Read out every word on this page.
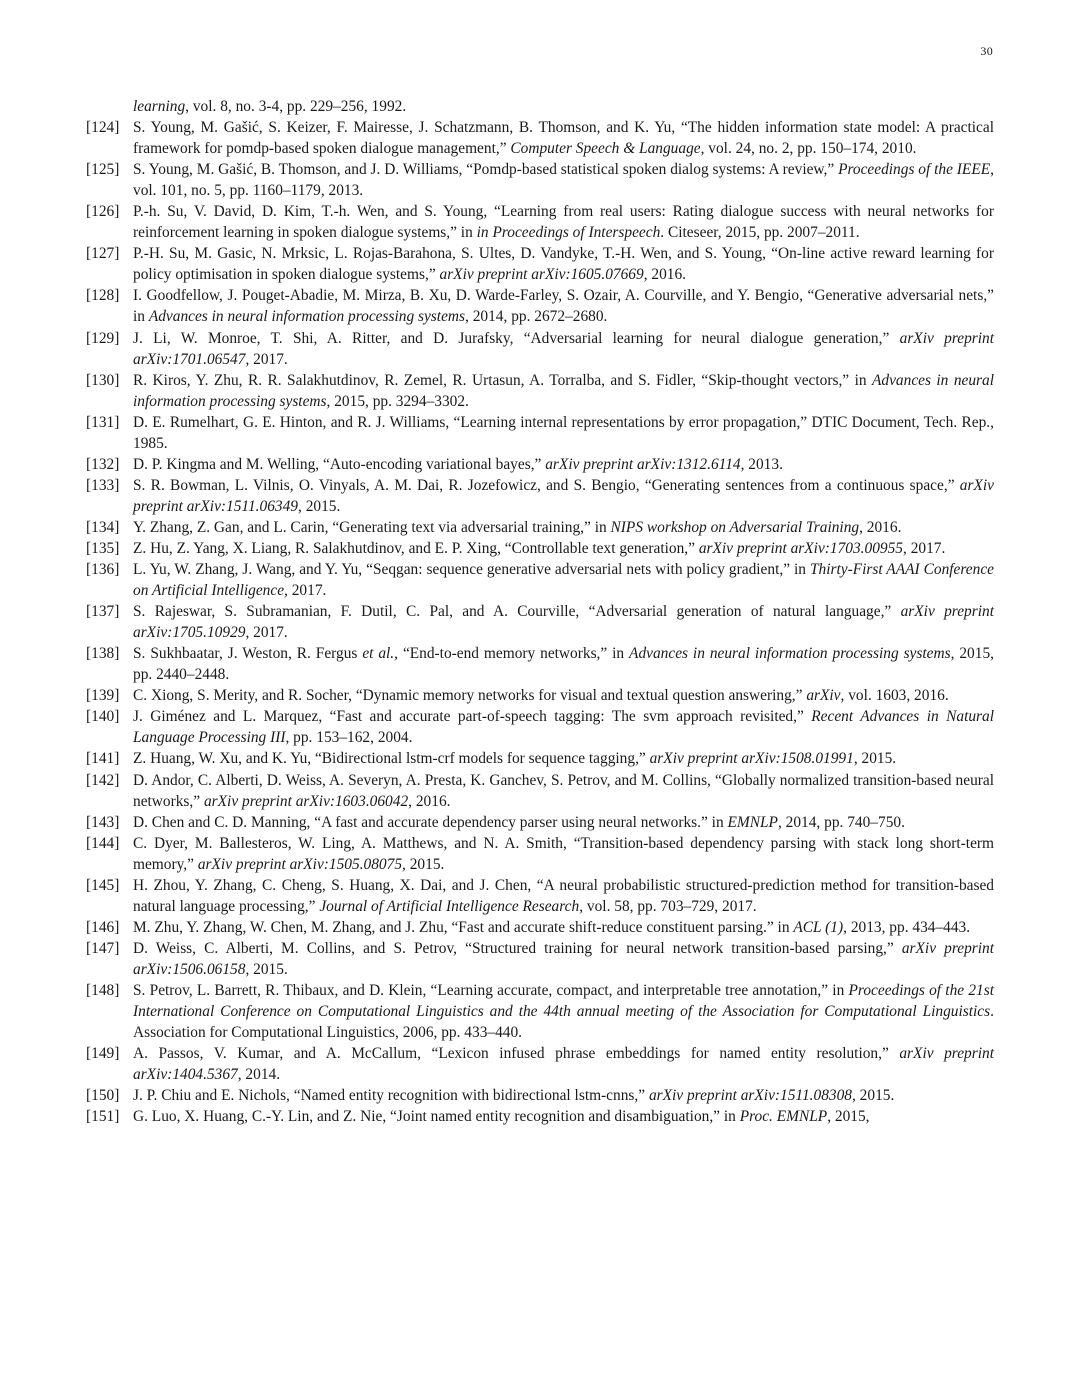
30
learning, vol. 8, no. 3-4, pp. 229–256, 1992.
[124] S. Young, M. Gašić, S. Keizer, F. Mairesse, J. Schatzmann, B. Thomson, and K. Yu, “The hidden information state model: A practical framework for pomdp-based spoken dialogue management,” Computer Speech & Language, vol. 24, no. 2, pp. 150–174, 2010.
[125] S. Young, M. Gašić, B. Thomson, and J. D. Williams, “Pomdp-based statistical spoken dialog systems: A review,” Proceedings of the IEEE, vol. 101, no. 5, pp. 1160–1179, 2013.
[126] P.-h. Su, V. David, D. Kim, T.-h. Wen, and S. Young, “Learning from real users: Rating dialogue success with neural networks for reinforcement learning in spoken dialogue systems,” in in Proceedings of Interspeech. Citeseer, 2015, pp. 2007–2011.
[127] P.-H. Su, M. Gasic, N. Mrksic, L. Rojas-Barahona, S. Ultes, D. Vandyke, T.-H. Wen, and S. Young, “On-line active reward learning for policy optimisation in spoken dialogue systems,” arXiv preprint arXiv:1605.07669, 2016.
[128] I. Goodfellow, J. Pouget-Abadie, M. Mirza, B. Xu, D. Warde-Farley, S. Ozair, A. Courville, and Y. Bengio, “Generative adversarial nets,” in Advances in neural information processing systems, 2014, pp. 2672–2680.
[129] J. Li, W. Monroe, T. Shi, A. Ritter, and D. Jurafsky, “Adversarial learning for neural dialogue generation,” arXiv preprint arXiv:1701.06547, 2017.
[130] R. Kiros, Y. Zhu, R. R. Salakhutdinov, R. Zemel, R. Urtasun, A. Torralba, and S. Fidler, “Skip-thought vectors,” in Advances in neural information processing systems, 2015, pp. 3294–3302.
[131] D. E. Rumelhart, G. E. Hinton, and R. J. Williams, “Learning internal representations by error propagation,” DTIC Document, Tech. Rep., 1985.
[132] D. P. Kingma and M. Welling, “Auto-encoding variational bayes,” arXiv preprint arXiv:1312.6114, 2013.
[133] S. R. Bowman, L. Vilnis, O. Vinyals, A. M. Dai, R. Jozefowicz, and S. Bengio, “Generating sentences from a continuous space,” arXiv preprint arXiv:1511.06349, 2015.
[134] Y. Zhang, Z. Gan, and L. Carin, “Generating text via adversarial training,” in NIPS workshop on Adversarial Training, 2016.
[135] Z. Hu, Z. Yang, X. Liang, R. Salakhutdinov, and E. P. Xing, “Controllable text generation,” arXiv preprint arXiv:1703.00955, 2017.
[136] L. Yu, W. Zhang, J. Wang, and Y. Yu, “Seqgan: sequence generative adversarial nets with policy gradient,” in Thirty-First AAAI Conference on Artificial Intelligence, 2017.
[137] S. Rajeswar, S. Subramanian, F. Dutil, C. Pal, and A. Courville, “Adversarial generation of natural language,” arXiv preprint arXiv:1705.10929, 2017.
[138] S. Sukhbaatar, J. Weston, R. Fergus et al., “End-to-end memory networks,” in Advances in neural information processing systems, 2015, pp. 2440–2448.
[139] C. Xiong, S. Merity, and R. Socher, “Dynamic memory networks for visual and textual question answering,” arXiv, vol. 1603, 2016.
[140] J. Giménez and L. Marquez, “Fast and accurate part-of-speech tagging: The svm approach revisited,” Recent Advances in Natural Language Processing III, pp. 153–162, 2004.
[141] Z. Huang, W. Xu, and K. Yu, “Bidirectional lstm-crf models for sequence tagging,” arXiv preprint arXiv:1508.01991, 2015.
[142] D. Andor, C. Alberti, D. Weiss, A. Severyn, A. Presta, K. Ganchev, S. Petrov, and M. Collins, “Globally normalized transition-based neural networks,” arXiv preprint arXiv:1603.06042, 2016.
[143] D. Chen and C. D. Manning, “A fast and accurate dependency parser using neural networks.” in EMNLP, 2014, pp. 740–750.
[144] C. Dyer, M. Ballesteros, W. Ling, A. Matthews, and N. A. Smith, “Transition-based dependency parsing with stack long short-term memory,” arXiv preprint arXiv:1505.08075, 2015.
[145] H. Zhou, Y. Zhang, C. Cheng, S. Huang, X. Dai, and J. Chen, “A neural probabilistic structured-prediction method for transition-based natural language processing,” Journal of Artificial Intelligence Research, vol. 58, pp. 703–729, 2017.
[146] M. Zhu, Y. Zhang, W. Chen, M. Zhang, and J. Zhu, “Fast and accurate shift-reduce constituent parsing.” in ACL (1), 2013, pp. 434–443.
[147] D. Weiss, C. Alberti, M. Collins, and S. Petrov, “Structured training for neural network transition-based parsing,” arXiv preprint arXiv:1506.06158, 2015.
[148] S. Petrov, L. Barrett, R. Thibaux, and D. Klein, “Learning accurate, compact, and interpretable tree annotation,” in Proceedings of the 21st International Conference on Computational Linguistics and the 44th annual meeting of the Association for Computational Linguistics. Association for Computational Linguistics, 2006, pp. 433–440.
[149] A. Passos, V. Kumar, and A. McCallum, “Lexicon infused phrase embeddings for named entity resolution,” arXiv preprint arXiv:1404.5367, 2014.
[150] J. P. Chiu and E. Nichols, “Named entity recognition with bidirectional lstm-cnns,” arXiv preprint arXiv:1511.08308, 2015.
[151] G. Luo, X. Huang, C.-Y. Lin, and Z. Nie, “Joint named entity recognition and disambiguation,” in Proc. EMNLP, 2015,
